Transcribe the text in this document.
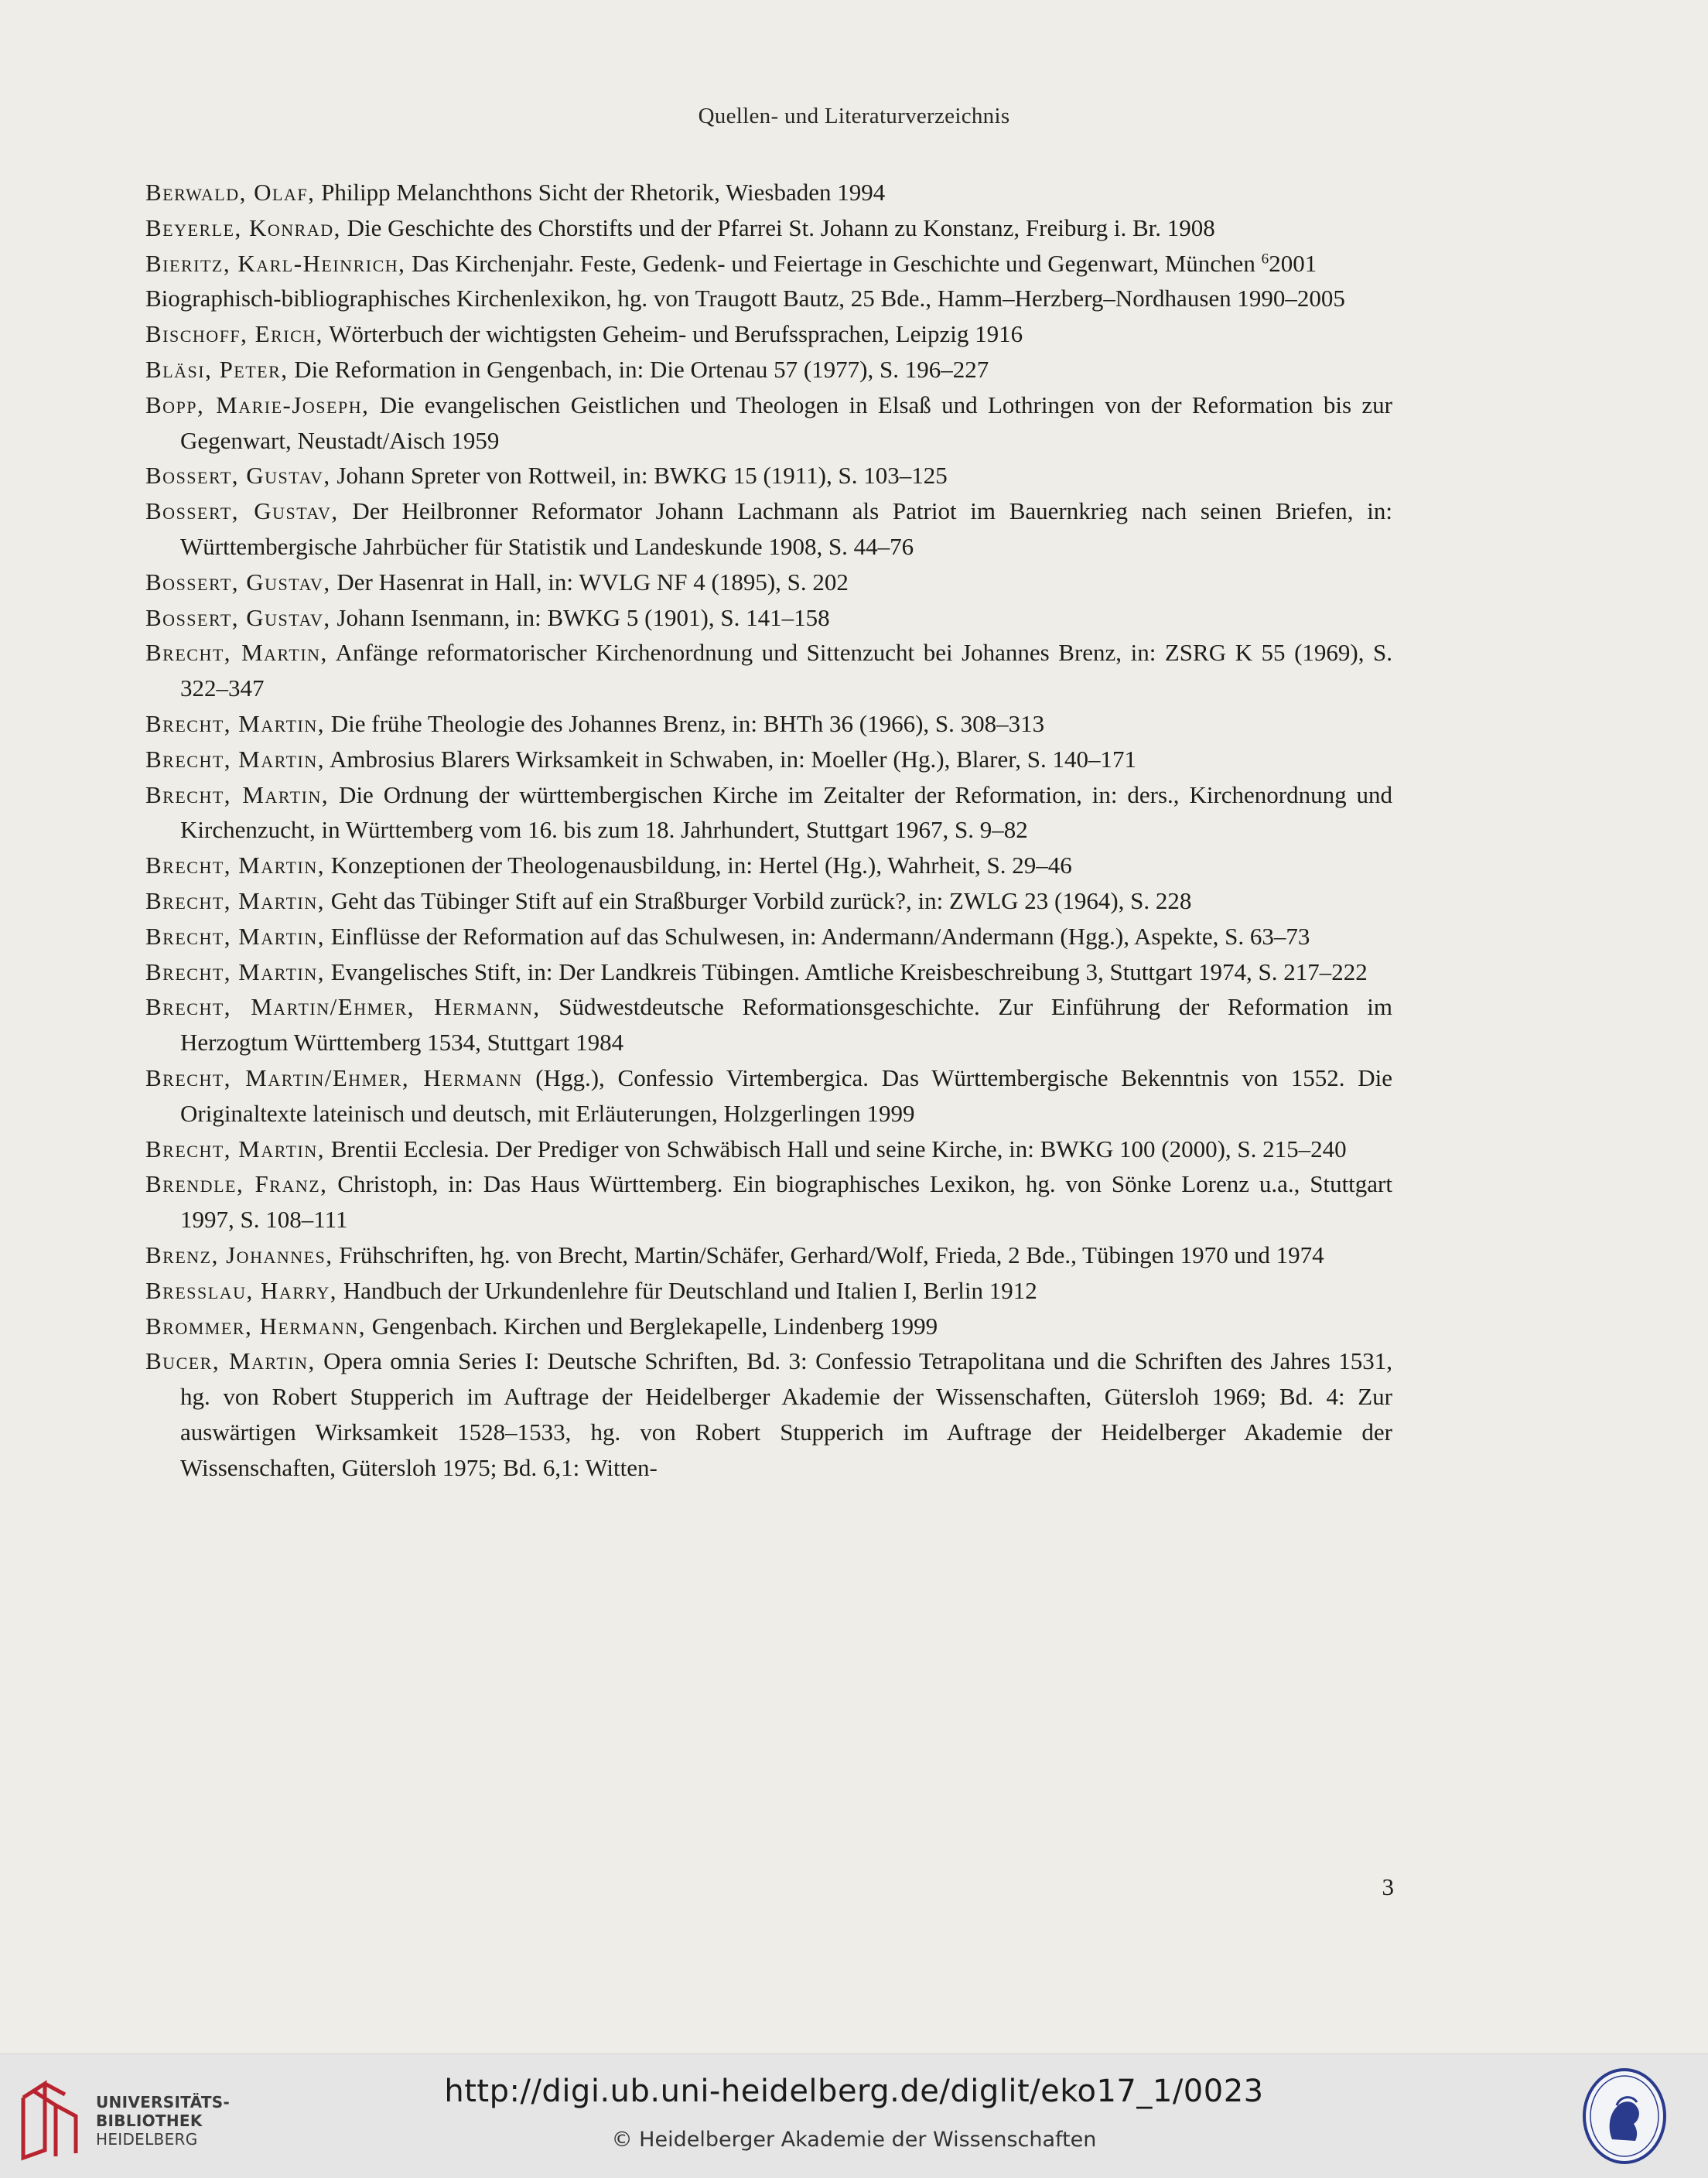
Quellen- und Literaturverzeichnis

Berwald, Olaf, Philipp Melanchthons Sicht der Rhetorik, Wiesbaden 1994

Beyerle, Konrad, Die Geschichte des Chorstifts und der Pfarrei St. Johann zu Konstanz, Freiburg i. Br. 1908

Bieritz, Karl-Heinrich, Das Kirchenjahr. Feste, Gedenk- und Feiertage in Geschichte und Gegenwart, München $^6$2001

Biographisch-bibliographisches Kirchenlexikon, hg. von Traugott Bautz, 25 Bde., Hamm–Herzberg–Nordhausen 1990–2005

Bischoff, Erich, Wörterbuch der wichtigsten Geheim- und Berufssprachen, Leipzig 1916

Bläsi, Peter, Die Reformation in Gengenbach, in: Die Ortenau 57 (1977), S. 196–227

Bopp, Marie-Joseph, Die evangelischen Geistlichen und Theologen in Elsaß und Lothringen von der Reformation bis zur Gegenwart, Neustadt/Aisch 1959

Bossert, Gustav, Johann Spreter von Rottweil, in: BWKG 15 (1911), S. 103–125

Bossert, Gustav, Der Heilbronner Reformator Johann Lachmann als Patriot im Bauernkrieg nach seinen Briefen, in: Württembergische Jahrbücher für Statistik und Landeskunde 1908, S. 44–76

Bossert, Gustav, Der Hasenrat in Hall, in: WVLG NF 4 (1895), S. 202

Bossert, Gustav, Johann Isenmann, in: BWKG 5 (1901), S. 141–158

Brecht, Martin, Anfänge reformatorischer Kirchenordnung und Sittenzucht bei Johannes Brenz, in: ZSRG K 55 (1969), S. 322–347

Brecht, Martin, Die frühe Theologie des Johannes Brenz, in: BHTh 36 (1966), S. 308–313

Brecht, Martin, Ambrosius Blarers Wirksamkeit in Schwaben, in: Moeller (Hg.), Blarer, S. 140–171

Brecht, Martin, Die Ordnung der württembergischen Kirche im Zeitalter der Reformation, in: ders., Kirchenordnung und Kirchenzucht, in Württemberg vom 16. bis zum 18. Jahrhundert, Stuttgart 1967, S. 9–82

Brecht, Martin, Konzeptionen der Theologenausbildung, in: Hertel (Hg.), Wahrheit, S. 29–46

Brecht, Martin, Geht das Tübinger Stift auf ein Straßburger Vorbild zurück?, in: ZWLG 23 (1964), S. 228

Brecht, Martin, Einflüsse der Reformation auf das Schulwesen, in: Andermann/Andermann (Hgg.), Aspekte, S. 63–73

Brecht, Martin, Evangelisches Stift, in: Der Landkreis Tübingen. Amtliche Kreisbeschreibung 3, Stuttgart 1974, S. 217–222

Brecht, Martin/Ehmer, Hermann, Südwestdeutsche Reformationsgeschichte. Zur Einführung der Reformation im Herzogtum Württemberg 1534, Stuttgart 1984

Brecht, Martin/Ehmer, Hermann (Hgg.), Confessio Virtembergica. Das Württembergische Bekenntnis von 1552. Die Originaltexte lateinisch und deutsch, mit Erläuterungen, Holzgerlingen 1999

Brecht, Martin, Brentii Ecclesia. Der Prediger von Schwäbisch Hall und seine Kirche, in: BWKG 100 (2000), S. 215–240

Brendle, Franz, Christoph, in: Das Haus Württemberg. Ein biographisches Lexikon, hg. von Sönke Lorenz u.a., Stuttgart 1997, S. 108–111

Brenz, Johannes, Frühschriften, hg. von Brecht, Martin/Schäfer, Gerhard/Wolf, Frieda, 2 Bde., Tübingen 1970 und 1974

Bresslau, Harry, Handbuch der Urkundenlehre für Deutschland und Italien I, Berlin 1912

Brommer, Hermann, Gengenbach. Kirchen und Berglekapelle, Lindenberg 1999

Bucer, Martin, Opera omnia Series I: Deutsche Schriften, Bd. 3: Confessio Tetrapolitana und die Schriften des Jahres 1531, hg. von Robert Stupperich im Auftrage der Heidelberger Akademie der Wissenschaften, Gütersloh 1969; Bd. 4: Zur auswärtigen Wirksamkeit 1528–1533, hg. von Robert Stupperich im Auftrage der Heidelberger Akademie der Wissenschaften, Gütersloh 1975; Bd. 6,1: Witten-

3
UNIVERSITÄTS-
BIBLIOTHEK
HEIDELBERG
http://digi.ub.uni-heidelberg.de/diglit/eko17_1/0023
© Heidelberger Akademie der Wissenschaften
